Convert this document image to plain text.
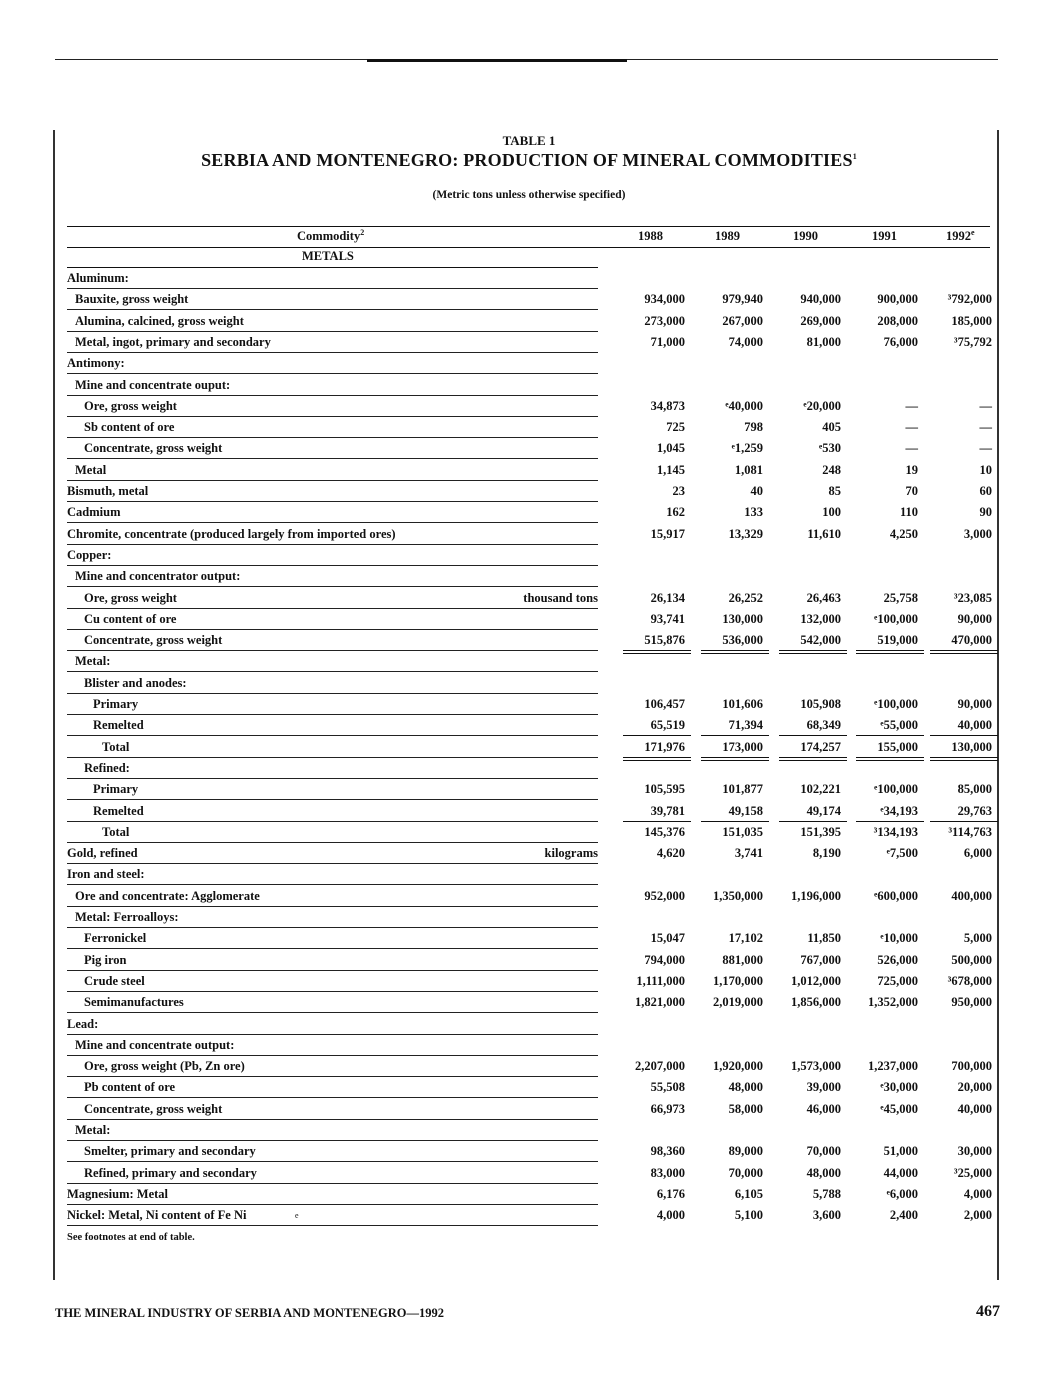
TABLE 1
SERBIA AND MONTENEGRO: PRODUCTION OF MINERAL COMMODITIES$^1$
(Metric tons unless otherwise specified)
Commodity$^2$	1988	1989	1990	1991	1992e
METALS
Aluminum:
Bauxite, gross weight	934,000	979,940	940,000	900,000	³792,000
Alumina, calcined, gross weight	273,000	267,000	269,000	208,000	185,000
Metal, ingot, primary and secondary	71,000	74,000	81,000	76,000	³75,792
Antimony:
Mine and concentrate ouput:
Ore, gross weight	34,873	ᵉ40,000	ᵉ20,000	—	—
Sb content of ore	725	798	405	—	—
Concentrate, gross weight	1,045	ᵉ1,259	ᵉ530	—	—
Metal	1,145	1,081	248	19	10
Bismuth, metal	23	40	85	70	60
Cadmium	162	133	100	110	90
Chromite, concentrate (produced largely from imported ores)	15,917	13,329	11,610	4,250	3,000
Copper:
Mine and concentrator output:
Ore, gross weight	thousand tons	26,134	26,252	26,463	25,758	³23,085
Cu content of ore	93,741	130,000	132,000	ᵉ100,000	90,000
Concentrate, gross weight	515,876	536,000	542,000	519,000	470,000
Metal:
Blister and anodes:
Primary	106,457	101,606	105,908	ᵉ100,000	90,000
Remelted	65,519	71,394	68,349	ᵉ55,000	40,000
Total	171,976	173,000	174,257	155,000	130,000
Refined:
Primary	105,595	101,877	102,221	ᵉ100,000	85,000
Remelted	39,781	49,158	49,174	ᵉ34,193	29,763
Total	145,376	151,035	151,395	³134,193	³114,763
Gold, refined	kilograms	4,620	3,741	8,190	ᵉ7,500	6,000
Iron and steel:
Ore and concentrate: Agglomerate	952,000	1,350,000	1,196,000	ᵉ600,000	400,000
Metal: Ferroalloys:
Ferronickel	15,047	17,102	11,850	ᵉ10,000	5,000
Pig iron	794,000	881,000	767,000	526,000	500,000
Crude steel	1,111,000	1,170,000	1,012,000	725,000	³678,000
Semimanufactures	1,821,000	2,019,000	1,856,000	1,352,000	950,000
Lead:
Mine and concentrate output:
Ore, gross weight (Pb, Zn ore)	2,207,000	1,920,000	1,573,000	1,237,000	700,000
Pb content of ore	55,508	48,000	39,000	ᵉ30,000	20,000
Concentrate, gross weight	66,973	58,000	46,000	ᵉ45,000	40,000
Metal:
Smelter, primary and secondary	98,360	89,000	70,000	51,000	30,000
Refined, primary and secondary	83,000	70,000	48,000	44,000	³25,000
Magnesium: Metal	6,176	6,105	5,788	ᵉ6,000	4,000
Nickel: Metal, Ni content of Fe Ni	e	4,000	5,100	3,600	2,400	2,000
See footnotes at end of table.
THE MINERAL INDUSTRY OF SERBIA AND MONTENEGRO—1992	467
